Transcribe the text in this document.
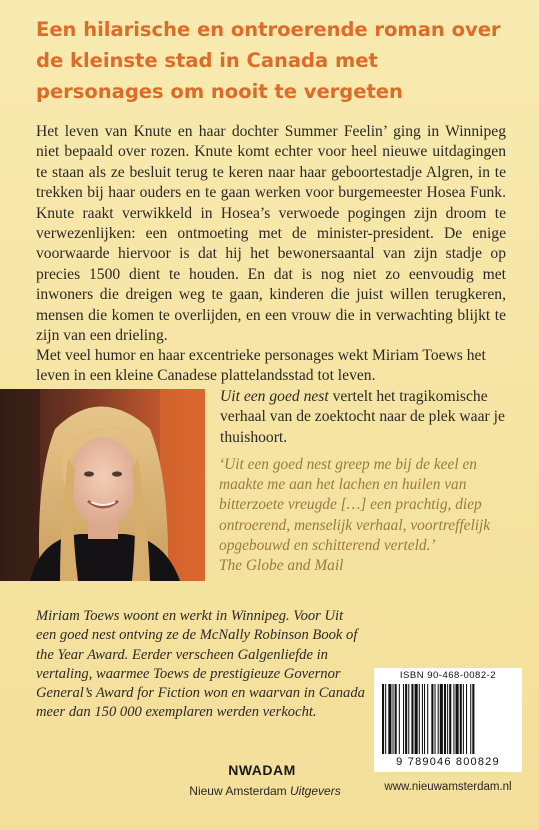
Een hilarische en ontroerende roman over de kleinste stad in Canada met personages om nooit te vergeten

Het leven van Knute en haar dochter Summer Feelin’ ging in Winnipeg niet bepaald over rozen. Knute komt echter voor heel nieuwe uitdagingen te staan als ze besluit terug te keren naar haar geboortestadje Algren, in te trekken bij haar ouders en te gaan werken voor burgemeester Hosea Funk. Knute raakt verwikkeld in Hosea’s verwoede pogingen zijn droom te verwezenlijken: een ontmoeting met de minister-president. De enige voorwaarde hiervoor is dat hij het bewonersaantal van zijn stadje op precies 1500 dient te houden. En dat is nog niet zo eenvoudig met inwoners die dreigen weg te gaan, kinderen die juist willen terugkeren, mensen die komen te overlijden, en een vrouw die in verwachting blijkt te zijn van een drieling.

Met veel humor en haar excentrieke personages wekt Miriam Toews het leven in een kleine Canadese plattelandsstad tot leven.
Uit een goed nest vertelt het tragikomische verhaal van de zoektocht naar de plek waar je thuishoort.
‘Uit een goed nest greep me bij de keel en maakte me aan het lachen en huilen van bitterzoete vreugde […] een prachtig, diep ontroerend, menselijk verhaal, voortreffelijk opgebouwd en schitterend verteld.’
The Globe and Mail
Miriam Toews woont en werkt in Winnipeg. Voor Uit een goed nest ontving ze de McNally Robinson Book of the Year Award. Eerder verscheen Galgenliefde in vertaling, waarmee Toews de prestigieuze Governor General’s Award for Fiction won en waarvan in Canada meer dan 150 000 exemplaren werden verkocht.
ISBN 90-468-0082-2
9 789046 800829
NWADAM
Nieuw Amsterdam Uitgevers	www.nieuwamsterdam.nl
